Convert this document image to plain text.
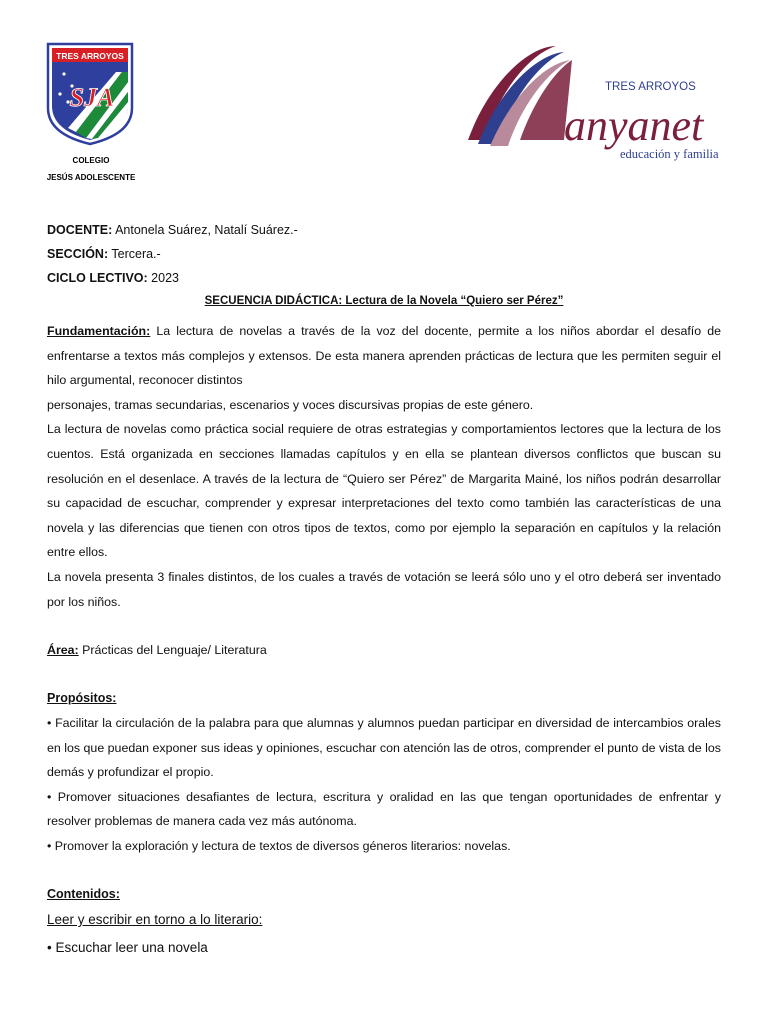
TRES ARROYOS
SJA
COLEGIO
JESÚS ADOLESCENTE
TRES ARROYOS
anyanet
educación y familia
DOCENTE: Antonela Suárez, Natalí Suárez.-
SECCIÓN: Tercera.-
CICLO LECTIVO: 2023
SECUENCIA DIDÁCTICA: Lectura de la Novela “Quiero ser Pérez”

Fundamentación: La lectura de novelas a través de la voz del docente, permite a los niños abordar el desafío de enfrentarse a textos más complejos y extensos. De esta manera aprenden prácticas de lectura que les permiten seguir el hilo argumental, reconocer distintos

personajes, tramas secundarias, escenarios y voces discursivas propias de este género.

La lectura de novelas como práctica social requiere de otras estrategias y comportamientos lectores que la lectura de los cuentos. Está organizada en secciones llamadas capítulos y en ella se plantean diversos conflictos que buscan su resolución en el desenlace. A través de la lectura de “Quiero ser Pérez” de Margarita Mainé, los niños podrán desarrollar su capacidad de escuchar, comprender y expresar interpretaciones del texto como también las características de una novela y las diferencias que tienen con otros tipos de textos, como por ejemplo la separación en capítulos y la relación entre ellos.

La novela presenta 3 finales distintos, de los cuales a través de votación se leerá sólo uno y el otro deberá ser inventado por los niños.

Área: Prácticas del Lenguaje/ Literatura
Propósitos:

• Facilitar la circulación de la palabra para que alumnas y alumnos puedan participar en diversidad de intercambios orales en los que puedan exponer sus ideas y opiniones, escuchar con atención las de otros, comprender el punto de vista de los demás y profundizar el propio.

• Promover situaciones desafiantes de lectura, escritura y oralidad en las que tengan oportunidades de enfrentar y resolver problemas de manera cada vez más autónoma.

• Promover la exploración y lectura de textos de diversos géneros literarios: novelas.

Contenidos:
Leer y escribir en torno a lo literario:
• Escuchar leer una novela
